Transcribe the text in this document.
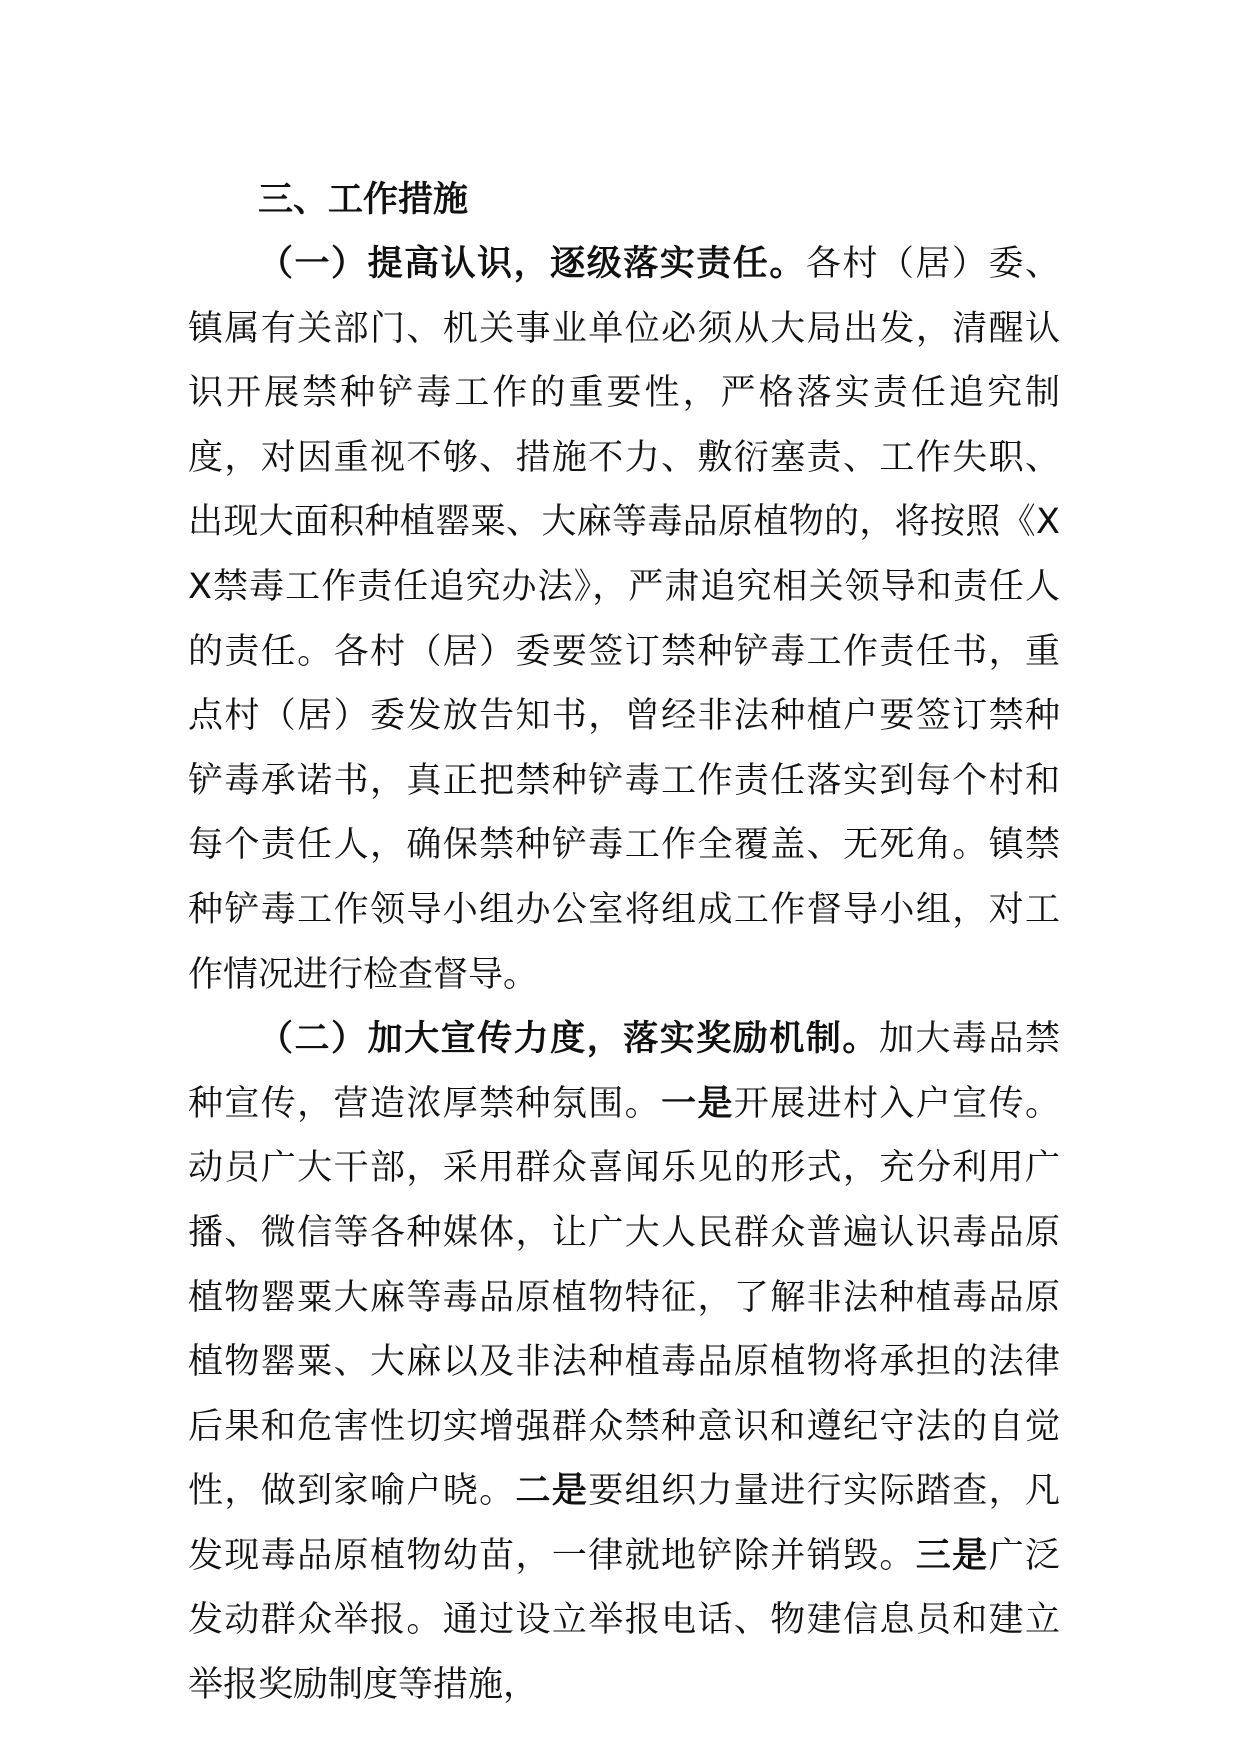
三、工作措施

（一）提高认识，逐级落实责任。各村（居）委、镇属有关部门、机关事业单位必须从大局出发，清醒认识开展禁种铲毒工作的重要性，严格落实责任追究制度，对因重视不够、措施不力、敷衍塞责、工作失职、出现大面积种植罂粟、大麻等毒品原植物的，将按照《XX禁毒工作责任追究办法》，严肃追究相关领导和责任人的责任。各村（居）委要签订禁种铲毒工作责任书，重点村（居）委发放告知书，曾经非法种植户要签订禁种铲毒承诺书，真正把禁种铲毒工作责任落实到每个村和每个责任人，确保禁种铲毒工作全覆盖、无死角。镇禁种铲毒工作领导小组办公室将组成工作督导小组，对工作情况进行检查督导。

（二）加大宣传力度，落实奖励机制。加大毒品禁种宣传，营造浓厚禁种氛围。一是开展进村入户宣传。动员广大干部，采用群众喜闻乐见的形式，充分利用广播、微信等各种媒体，让广大人民群众普遍认识毒品原植物罂粟大麻等毒品原植物特征，了解非法种植毒品原植物罂粟、大麻以及非法种植毒品原植物将承担的法律后果和危害性切实增强群众禁种意识和遵纪守法的自觉性，做到家喻户晓。二是要组织力量进行实际踏查，凡发现毒品原植物幼苗，一律就地铲除并销毁。三是广泛发动群众举报。通过设立举报电话、物建信息员和建立举报奖励制度等措施，
